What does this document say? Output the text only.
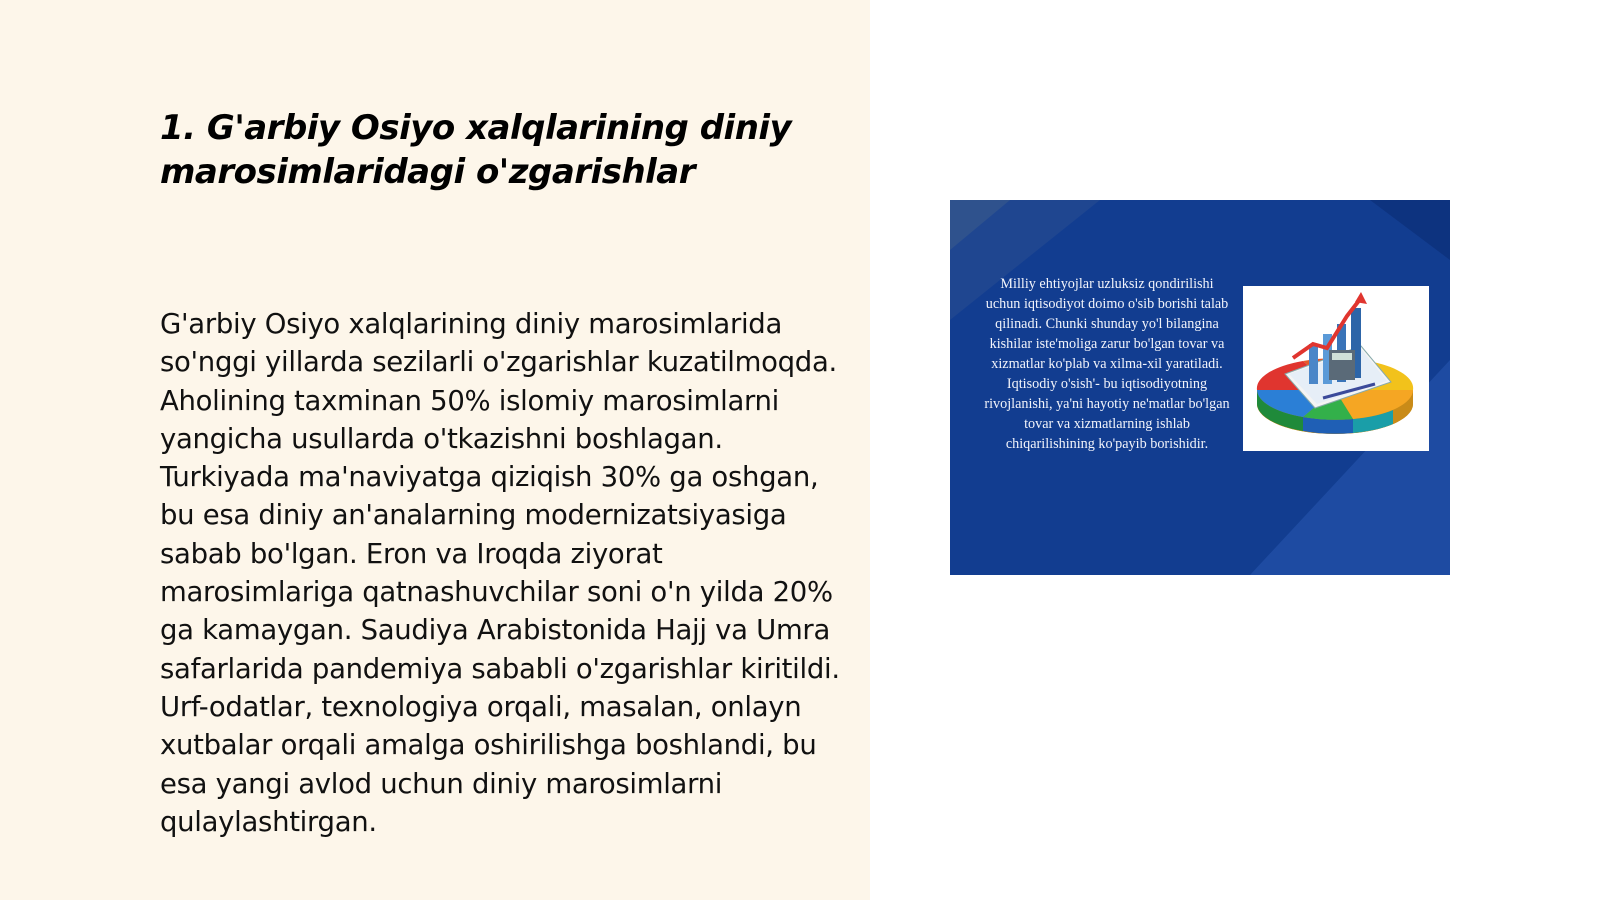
1. G'arbiy Osiyo xalqlarining diniy marosimlaridagi o'zgarishlar

G'arbiy Osiyo xalqlarining diniy marosimlarida so'nggi yillarda sezilarli o'zgarishlar kuzatilmoqda. Aholining taxminan 50% islomiy marosimlarni yangicha usullarda o'tkazishni boshlagan. Turkiyada ma'naviyatga qiziqish 30% ga oshgan, bu esa diniy an'analarning modernizatsiyasiga sabab bo'lgan. Eron va Iroqda ziyorat marosimlariga qatnashuvchilar soni o'n yilda 20% ga kamaygan. Saudiya Arabistonida Hajj va Umra safarlarida pandemiya sababli o'zgarishlar kiritildi. Urf-odatlar, texnologiya orqali, masalan, onlayn xutbalar orqali amalga oshirilishga boshlandi, bu esa yangi avlod uchun diniy marosimlarni qulaylashtirgan.

Milliy ehtiyojlar uzluksiz qondirilishi uchun iqtisodiyot doimo o'sib borishi talab qilinadi. Chunki shunday yo'l bilangina kishilar iste'moliga zarur bo'lgan tovar va xizmatlar ko'plab va xilma-xil yaratiladi. Iqtisodiy o'sish'- bu iqtisodiyotning rivojlanishi, ya'ni hayotiy ne'matlar bo'lgan tovar va xizmatlarning ishlab chiqarilishining ko'payib borishidir.
